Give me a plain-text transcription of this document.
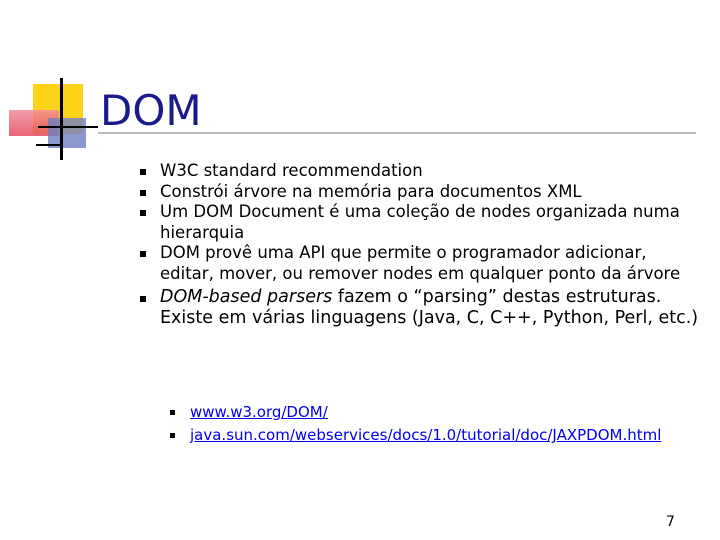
DOM
W3C standard recommendation
Constrói árvore na memória para documentos XML
Um DOM Document é uma coleção de nodes organizada numa hierarquia
DOM provê uma API que permite o programador adicionar, editar, mover, ou remover nodes em qualquer ponto da árvore
DOM-based parsers fazem o “parsing” destas estruturas. Existe em várias linguagens (Java, C, C++, Python, Perl, etc.)
www.w3.org/DOM/
java.sun.com/webservices/docs/1.0/tutorial/doc/JAXPDOM.html
7
